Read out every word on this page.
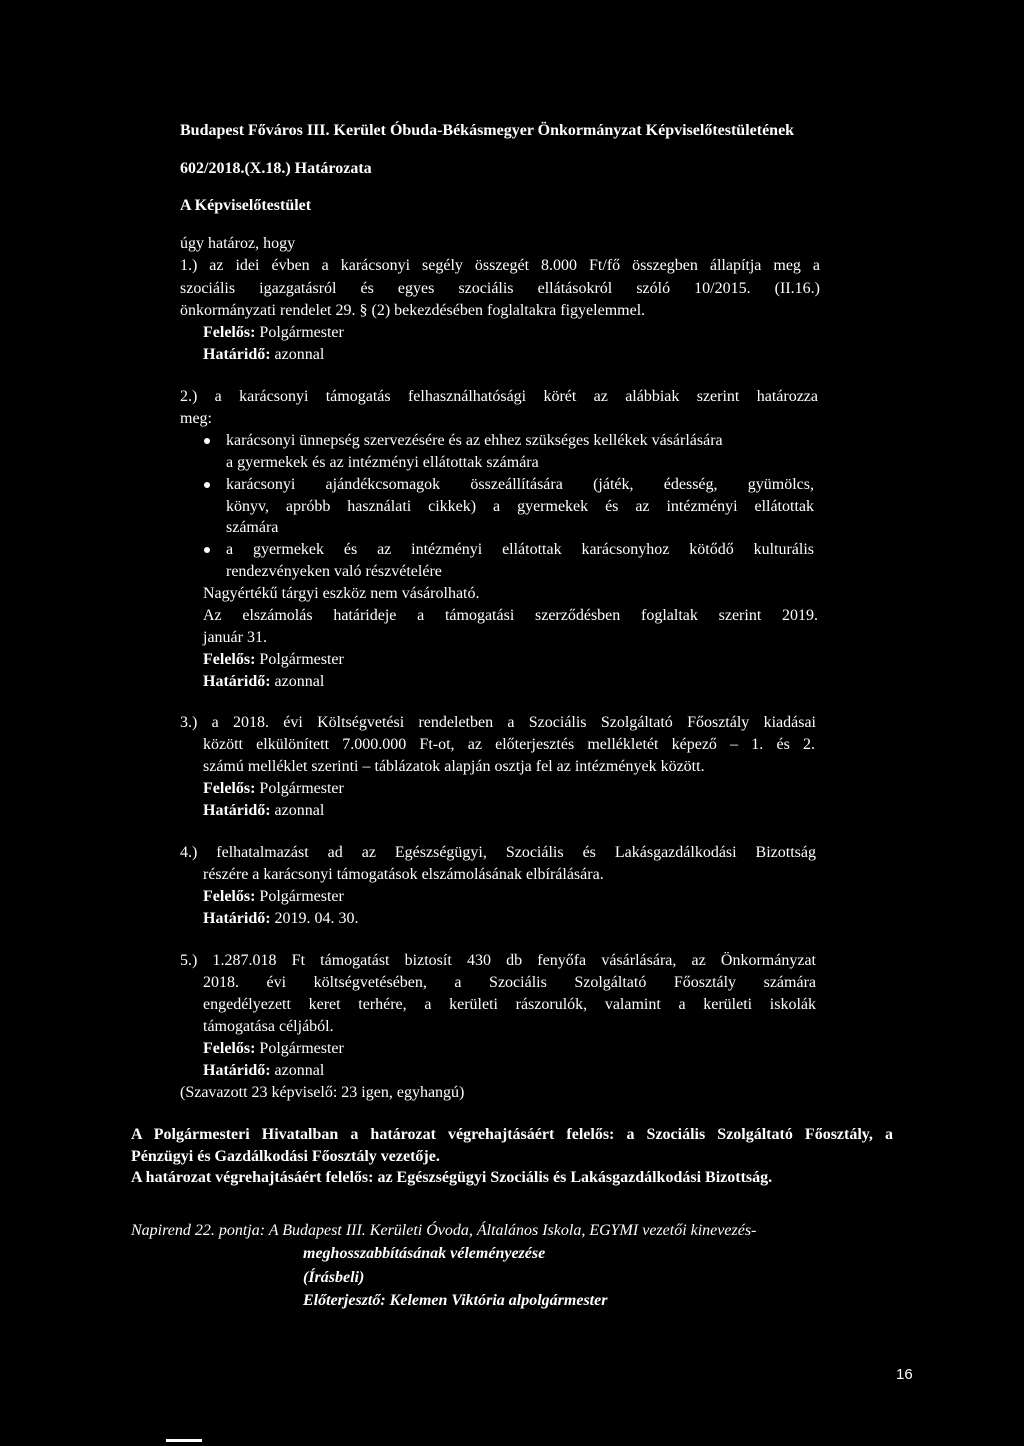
Budapest Főváros III. Kerület Óbuda-Békásmegyer Önkormányzat Képviselőtestületének
602/2018.(X.18.) Határozata
A Képviselőtestület
úgy határoz, hogy
1.) az idei évben a karácsonyi segély összegét 8.000 Ft/fő összegben állapítja meg a
szociális igazgatásról és egyes szociális ellátásokról szóló 10/2015. (II.16.)
önkormányzati rendelet 29. § (2) bekezdésében foglaltakra figyelemmel.
Felelős: Polgármester
Határidő: azonnal
2.) a karácsonyi támogatás felhasználhatósági körét az alábbiak szerint határozza
meg:
karácsonyi ünnepség szervezésére és az ehhez szükséges kellékek vásárlására
a gyermekek és az intézményi ellátottak számára
karácsonyi ajándékcsomagok összeállítására (játék, édesség, gyümölcs,
könyv, apróbb használati cikkek) a gyermekek és az intézményi ellátottak
számára
a gyermekek és az intézményi ellátottak karácsonyhoz kötődő kulturális
rendezvényeken való részvételére
Nagyértékű tárgyi eszköz nem vásárolható.
Az elszámolás határideje a támogatási szerződésben foglaltak szerint 2019.
január 31.
Felelős: Polgármester
Határidő: azonnal
3.) a 2018. évi Költségvetési rendeletben a Szociális Szolgáltató Főosztály kiadásai
között elkülönített 7.000.000 Ft-ot, az előterjesztés mellékletét képező – 1. és 2.
számú melléklet szerinti – táblázatok alapján osztja fel az intézmények között.
Felelős: Polgármester
Határidő: azonnal
4.) felhatalmazást ad az Egészségügyi, Szociális és Lakásgazdálkodási Bizottság
részére a karácsonyi támogatások elszámolásának elbírálására.
Felelős: Polgármester
Határidő: 2019. 04. 30.
5.) 1.287.018 Ft támogatást biztosít 430 db fenyőfa vásárlására, az Önkormányzat
2018. évi költségvetésében, a Szociális Szolgáltató Főosztály számára
engedélyezett keret terhére, a kerületi rászorulók, valamint a kerületi iskolák
támogatása céljából.
Felelős: Polgármester
Határidő: azonnal
(Szavazott 23 képviselő: 23 igen, egyhangú)
A Polgármesteri Hivatalban a határozat végrehajtásáért felelős: a Szociális Szolgáltató Főosztály, a
Pénzügyi és Gazdálkodási Főosztály vezetője.
A határozat végrehajtásáért felelős: az Egészségügyi Szociális és Lakásgazdálkodási Bizottság.
Napirend 22. pontja: A Budapest III. Kerületi Óvoda, Általános Iskola, EGYMI vezetői kinevezés-
meghosszabbításának véleményezése
(Írásbeli)
Előterjesztő: Kelemen Viktória alpolgármester
16
